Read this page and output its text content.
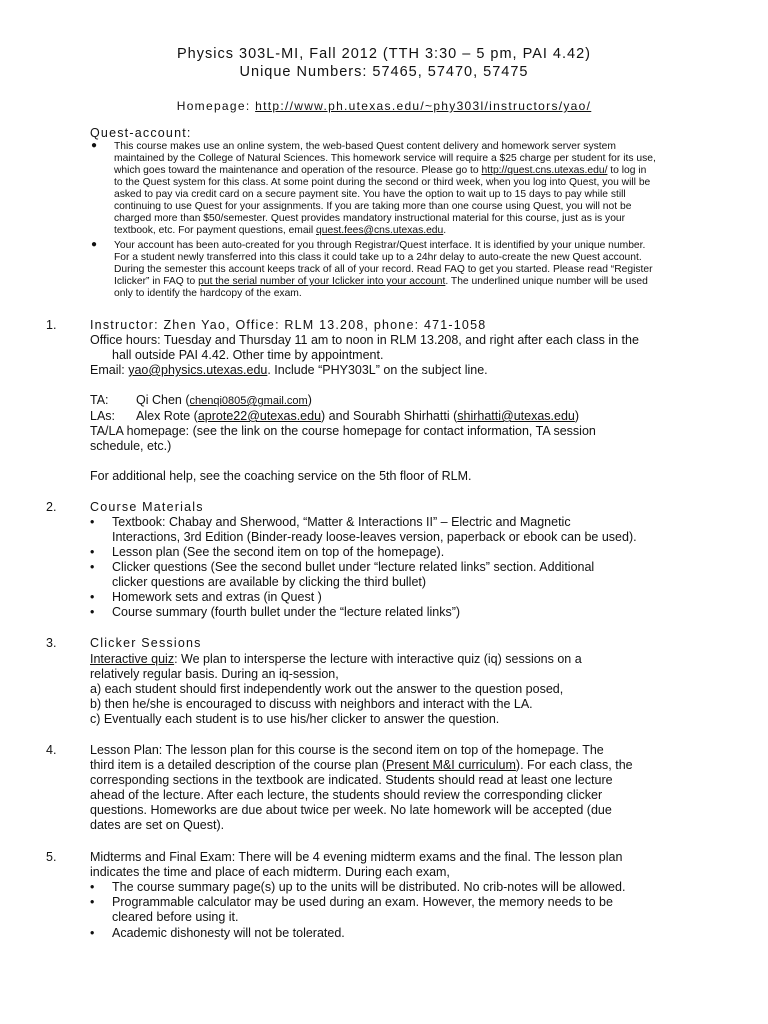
Physics 303L-MI, Fall 2012 (TTH 3:30 – 5 pm, PAI 4.42)
Unique Numbers: 57465, 57470, 57475
Homepage: http://www.ph.utexas.edu/~phy303l/instructors/yao/
Quest-account:
● This course makes use an online system, the web-based Quest content delivery and homework server system
maintained by the College of Natural Sciences. This homework service will require a $25 charge per student for its use,
which goes toward the maintenance and operation of the resource. Please go to http://quest.cns.utexas.edu/ to log in
to the Quest system for this class. At some point during the second or third week, when you log into Quest, you will be
asked to pay via credit card on a secure payment site. You have the option to wait up to 15 days to pay while still
continuing to use Quest for your assignments. If you are taking more than one course using Quest, you will not be
charged more than $50/semester. Quest provides mandatory instructional material for this course, just as is your
textbook, etc. For payment questions, email quest.fees@cns.utexas.edu.
● Your account has been auto-created for you through Registrar/Quest interface. It is identified by your unique number.
For a student newly transferred into this class it could take up to a 24hr delay to auto-create the new Quest account.
During the semester this account keeps track of all of your record. Read FAQ to get you started. Please read “Register
Iclicker” in FAQ to put the serial number of your Iclicker into your account. The underlined unique number will be used
only to identify the hardcopy of the exam.
1.	Instructor: Zhen Yao, Office: RLM 13.208, phone: 471-1058
Office hours: Tuesday and Thursday 11 am to noon in RLM 13.208, and right after each class in the
hall outside PAI 4.42. Other time by appointment.
Email: yao@physics.utexas.edu. Include “PHY303L” on the subject line.
TA: Qi Chen (chenqi0805@gmail.com)
LAs: Alex Rote (aprote22@utexas.edu) and Sourabh Shirhatti (shirhatti@utexas.edu)
TA/LA homepage: (see the link on the course homepage for contact information, TA session
schedule, etc.)
For additional help, see the coaching service on the 5th floor of RLM.
2.	Course Materials
• Textbook: Chabay and Sherwood, “Matter & Interactions II” – Electric and Magnetic
Interactions, 3rd Edition (Binder-ready loose-leaves version, paperback or ebook can be used).
• Lesson plan (See the second item on top of the homepage).
• Clicker questions (See the second bullet under “lecture related links” section. Additional
clicker questions are available by clicking the third bullet)
• Homework sets and extras (in Quest )
• Course summary (fourth bullet under the “lecture related links”)
3.	Clicker Sessions
Interactive quiz: We plan to intersperse the lecture with interactive quiz (iq) sessions on a
relatively regular basis. During an iq-session,
a) each student should first independently work out the answer to the question posed,
b) then he/she is encouraged to discuss with neighbors and interact with the LA.
c) Eventually each student is to use his/her clicker to answer the question.
4.	Lesson Plan: The lesson plan for this course is the second item on top of the homepage. The
third item is a detailed description of the course plan (Present M&I curriculum). For each class, the
corresponding sections in the textbook are indicated. Students should read at least one lecture
ahead of the lecture. After each lecture, the students should review the corresponding clicker
questions. Homeworks are due about twice per week. No late homework will be accepted (due
dates are set on Quest).
5.	Midterms and Final Exam: There will be 4 evening midterm exams and the final. The lesson plan
indicates the time and place of each midterm. During each exam,
• The course summary page(s) up to the units will be distributed. No crib-notes will be allowed.
• Programmable calculator may be used during an exam. However, the memory needs to be
cleared before using it.
• Academic dishonesty will not be tolerated.
